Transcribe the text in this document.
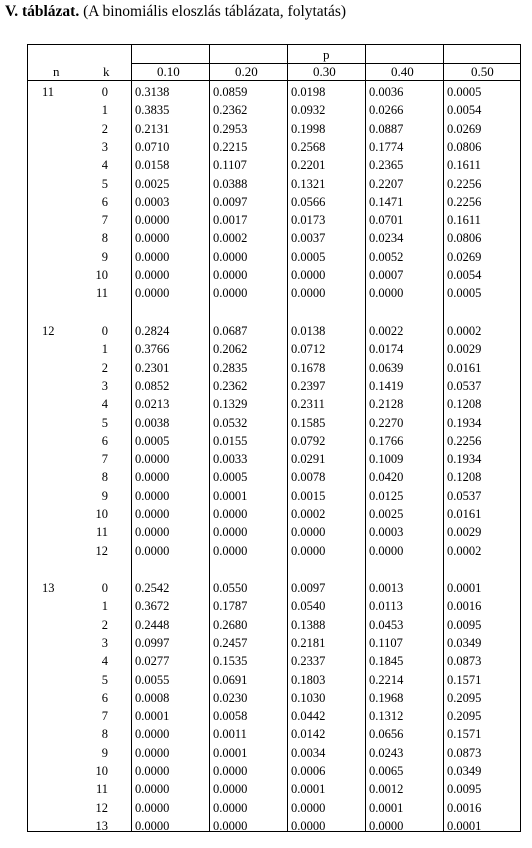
V. táblázat. (A binomiális eloszlás táblázata, folytatás)
p
n	k	0.10	0.20	0.30	0.40	0.50
11	0 0.3138	0.0859	0.0198	0.0036	0.0005
1 0.3835	0.2362	0.0932	0.0266	0.0054
2 0.2131	0.2953	0.1998	0.0887	0.0269
3 0.0710	0.2215	0.2568	0.1774	0.0806
4 0.0158	0.1107	0.2201	0.2365	0.1611
5 0.0025	0.0388	0.1321	0.2207	0.2256
6 0.0003	0.0097	0.0566	0.1471	0.2256
7 0.0000	0.0017	0.0173	0.0701	0.1611
8 0.0000	0.0002	0.0037	0.0234	0.0806
9 0.0000	0.0000	0.0005	0.0052	0.0269
10 0.0000	0.0000	0.0000	0.0007	0.0054
11 0.0000	0.0000	0.0000	0.0000	0.0005
12	0 0.2824	0.0687	0.0138	0.0022	0.0002
1 0.3766	0.2062	0.0712	0.0174	0.0029
2 0.2301	0.2835	0.1678	0.0639	0.0161
3 0.0852	0.2362	0.2397	0.1419	0.0537
4 0.0213	0.1329	0.2311	0.2128	0.1208
5 0.0038	0.0532	0.1585	0.2270	0.1934
6 0.0005	0.0155	0.0792	0.1766	0.2256
7 0.0000	0.0033	0.0291	0.1009	0.1934
8 0.0000	0.0005	0.0078	0.0420	0.1208
9 0.0000	0.0001	0.0015	0.0125	0.0537
10 0.0000	0.0000	0.0002	0.0025	0.0161
11 0.0000	0.0000	0.0000	0.0003	0.0029
12 0.0000	0.0000	0.0000	0.0000	0.0002
13	0 0.2542	0.0550	0.0097	0.0013	0.0001
1 0.3672	0.1787	0.0540	0.0113	0.0016
2 0.2448	0.2680	0.1388	0.0453	0.0095
3 0.0997	0.2457	0.2181	0.1107	0.0349
4 0.0277	0.1535	0.2337	0.1845	0.0873
5 0.0055	0.0691	0.1803	0.2214	0.1571
6 0.0008	0.0230	0.1030	0.1968	0.2095
7 0.0001	0.0058	0.0442	0.1312	0.2095
8 0.0000	0.0011	0.0142	0.0656	0.1571
9 0.0000	0.0001	0.0034	0.0243	0.0873
10 0.0000	0.0000	0.0006	0.0065	0.0349
11 0.0000	0.0000	0.0001	0.0012	0.0095
12 0.0000	0.0000	0.0000	0.0001	0.0016
13 0.0000	0.0000	0.0000	0.0000	0.0001
